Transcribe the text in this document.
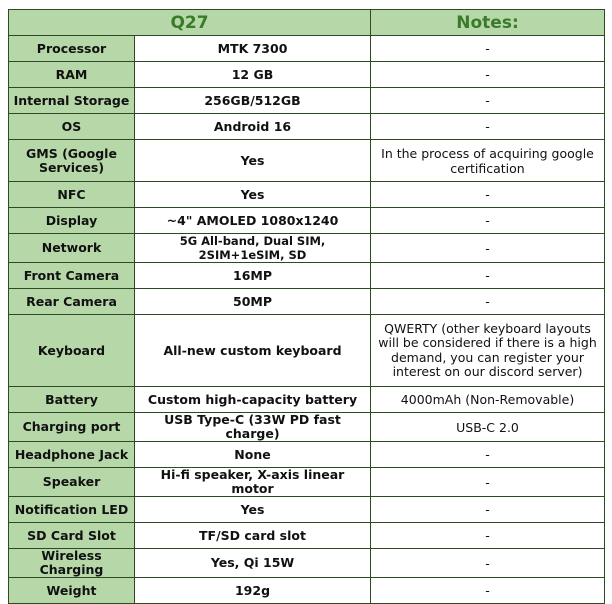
Q27		Notes:
Processor	MTK 7300	-
RAM	12 GB	-
Internal Storage	256GB/512GB	-
OS	Android 16	-
GMS (Google Services)	Yes	In the process of acquiring google certification
NFC	Yes	-
Display	~4" AMOLED 1080x1240	-
Network	5G All-band, Dual SIM, 2SIM+1eSIM, SD	-
Front Camera	16MP	-
Rear Camera	50MP	-
Keyboard	All-new custom keyboard	QWERTY (other keyboard layouts will be considered if there is a high demand, you can register your interest on our discord server)
Battery	Custom high-capacity battery	4000mAh (Non-Removable)
Charging port	USB Type-C (33W PD fast charge)	USB-C 2.0
Headphone Jack	None	-
Speaker	Hi-fi speaker, X-axis linear motor	-
Notification LED	Yes	-
SD Card Slot	TF/SD card slot	-
Wireless Charging	Yes, Qi 15W	-
Weight	192g	-
